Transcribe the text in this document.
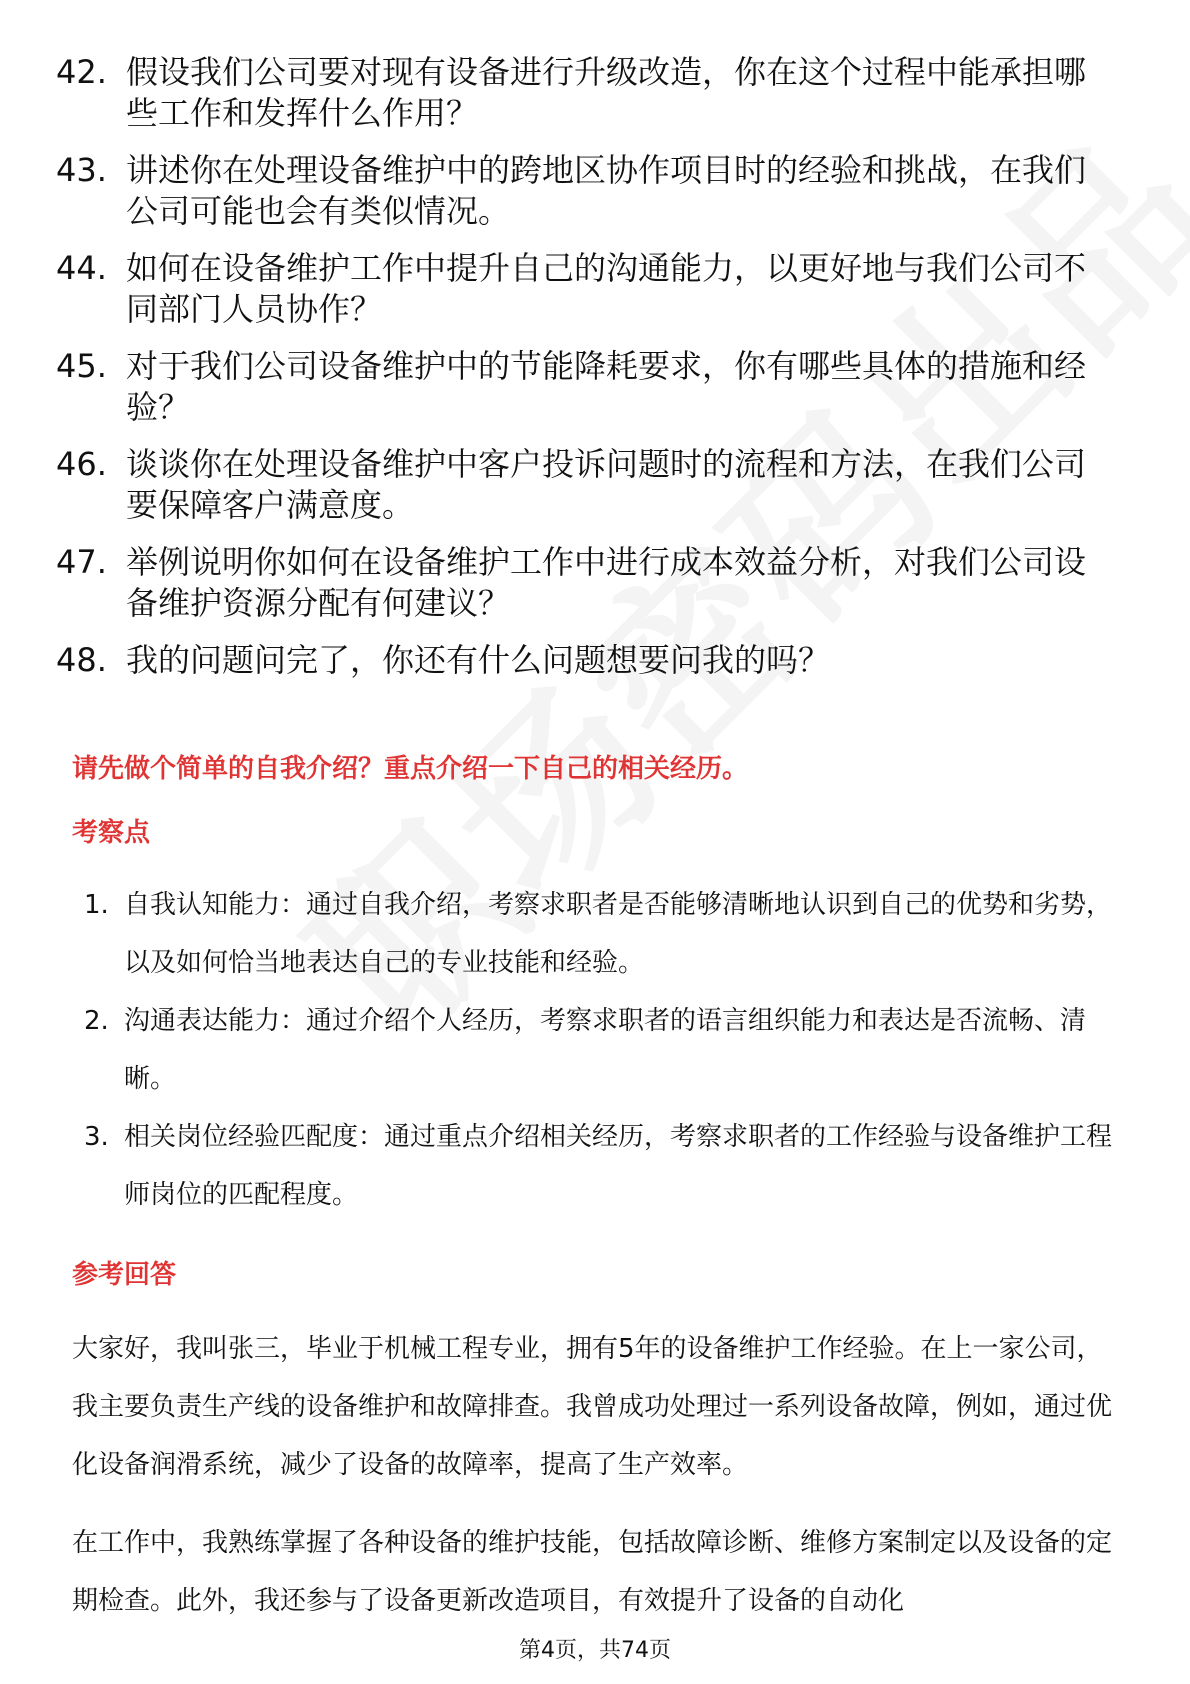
42. 假设我们公司要对现有设备进行升级改造，你在这个过程中能承担哪些工作和发挥什么作用？
43. 讲述你在处理设备维护中的跨地区协作项目时的经验和挑战，在我们公司可能也会有类似情况。
44. 如何在设备维护工作中提升自己的沟通能力，以更好地与我们公司不同部门人员协作？
45. 对于我们公司设备维护中的节能降耗要求，你有哪些具体的措施和经验？
46. 谈谈你在处理设备维护中客户投诉问题时的流程和方法，在我们公司要保障客户满意度。
47. 举例说明你如何在设备维护工作中进行成本效益分析，对我们公司设备维护资源分配有何建议？
48. 我的问题问完了，你还有什么问题想要问我的吗？
请先做个简单的自我介绍？重点介绍一下自己的相关经历。
考察点
1. 自我认知能力：通过自我介绍，考察求职者是否能够清晰地认识到自己的优势和劣势，以及如何恰当地表达自己的专业技能和经验。
2. 沟通表达能力：通过介绍个人经历，考察求职者的语言组织能力和表达是否流畅、清晰。
3. 相关岗位经验匹配度：通过重点介绍相关经历，考察求职者的工作经验与设备维护工程师岗位的匹配程度。
参考回答

大家好，我叫张三，毕业于机械工程专业，拥有5年的设备维护工作经验。在上一家公司，我主要负责生产线的设备维护和故障排查。我曾成功处理过一系列设备故障，例如，通过优化设备润滑系统，减少了设备的故障率，提高了生产效率。

在工作中，我熟练掌握了各种设备的维护技能，包括故障诊断、维修方案制定以及设备的定期检查。此外，我还参与了设备更新改造项目，有效提升了设备的自动化

第4页，共74页
